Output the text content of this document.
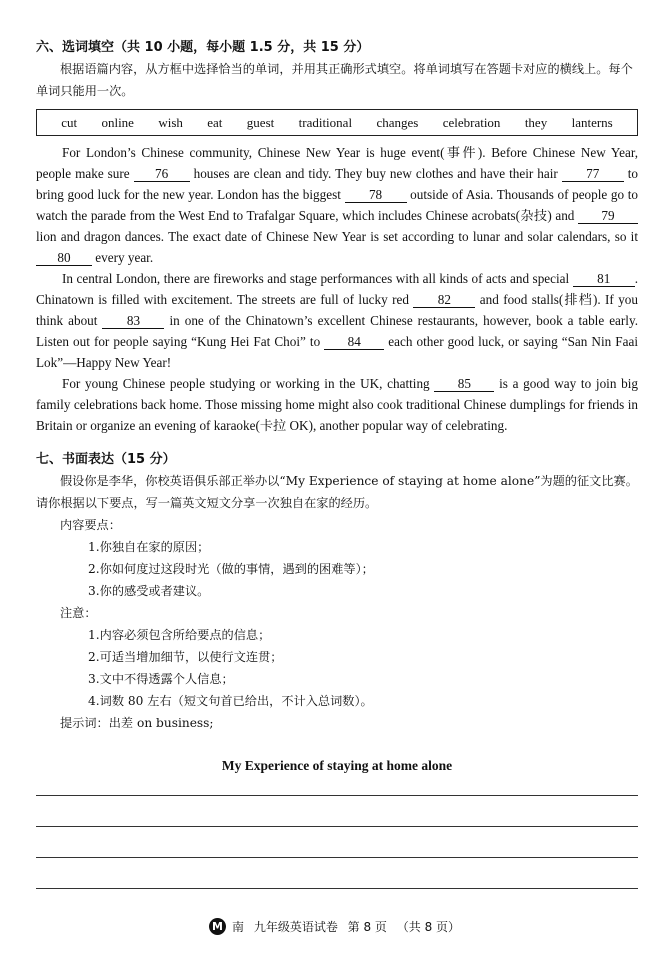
六、选词填空（共 10 小题，每小题 1.5 分，共 15 分）
根据语篇内容，从方框中选择恰当的单词，并用其正确形式填空。将单词填写在答题卡对应的横线上。每个单词只能用一次。
cut online wish eat guest traditional changes celebration they lanterns

For London’s Chinese community, Chinese New Year is huge event(事件). Before Chinese New Year, people make sure 76 houses are clean and tidy. They buy new clothes and have their hair 77 to bring good luck for the new year. London has the biggest 78 outside of Asia. Thousands of people go to watch the parade from the West End to Trafalgar Square, which includes Chinese acrobats(杂技) and 79 lion and dragon dances. The exact date of Chinese New Year is set according to lunar and solar calendars, so it 80 every year.

In central London, there are fireworks and stage performances with all kinds of acts and special 81 . Chinatown is filled with excitement. The streets are full of lucky red 82 and food stalls(排档). If you think about 83 in one of the Chinatown’s excellent Chinese restaurants, however, book a table early. Listen out for people saying “Kung Hei Fat Choi” to 84 each other good luck, or saying “San Nin Faai Lok”—Happy New Year!

For young Chinese people studying or working in the UK, chatting 85 is a good way to join big family celebrations back home. Those missing home might also cook traditional Chinese dumplings for friends in Britain or organize an evening of karaoke(卡拉 OK), another popular way of celebrating.

七、书面表达（15 分）
假设你是李华，你校英语俱乐部正举办以“My Experience of staying at home alone”为题的征文比赛。请你根据以下要点，写一篇英文短文分享一次独自在家的经历。
内容要点：
1.你独自在家的原因；
2.你如何度过这段时光（做的事情，遇到的困难等）；
3.你的感受或者建议。
注意：
1.内容必须包含所给要点的信息；
2.可适当增加细节，以使行文连贯；
3.文中不得透露个人信息；
4.词数 80 左右（短文句首已给出，不计入总词数）。
提示词：出差 on business;
My Experience of staying at home alone
M 南 九年级英语试卷 第 8 页 （共 8 页）
